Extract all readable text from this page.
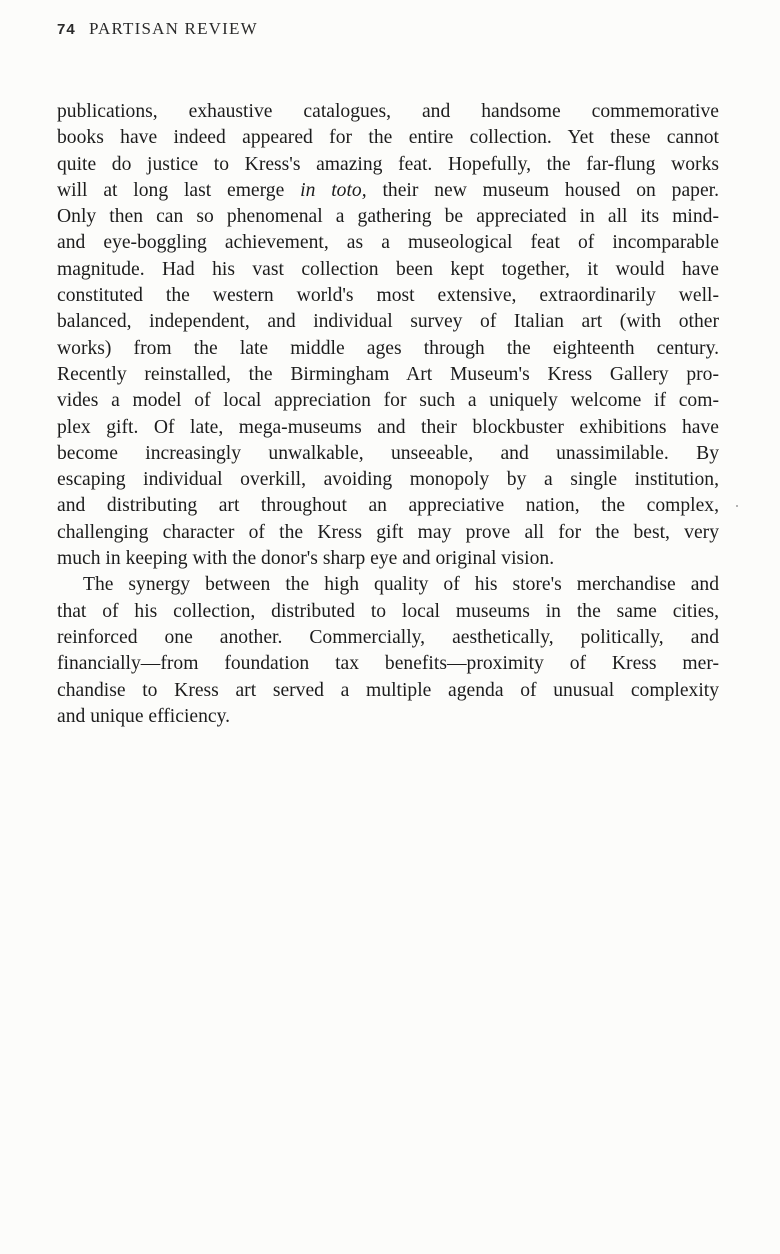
74 PARTISAN REVIEW
publications, exhaustive catalogues, and handsome commemorative
books have indeed appeared for the entire collection. Yet these cannot
quite do justice to Kress's amazing feat. Hopefully, the far-flung works
will at long last emerge in toto, their new museum housed on paper.
Only then can so phenomenal a gathering be appreciated in all its mind-
and eye-boggling achievement, as a museological feat of incomparable
magnitude. Had his vast collection been kept together, it would have
constituted the western world's most extensive, extraordinarily well-
balanced, independent, and individual survey of Italian art (with other
works) from the late middle ages through the eighteenth century.
Recently reinstalled, the Birmingham Art Museum's Kress Gallery pro-
vides a model of local appreciation for such a uniquely welcome if com-
plex gift. Of late, mega-museums and their blockbuster exhibitions have
become increasingly unwalkable, unseeable, and unassimilable. By
escaping individual overkill, avoiding monopoly by a single institution,
and distributing art throughout an appreciative nation, the complex,
challenging character of the Kress gift may prove all for the best, very
much in keeping with the donor's sharp eye and original vision.
The synergy between the high quality of his store's merchandise and
that of his collection, distributed to local museums in the same cities,
reinforced one another. Commercially, aesthetically, politically, and
financially—from foundation tax benefits—proximity of Kress mer-
chandise to Kress art served a multiple agenda of unusual complexity
and unique efficiency.
